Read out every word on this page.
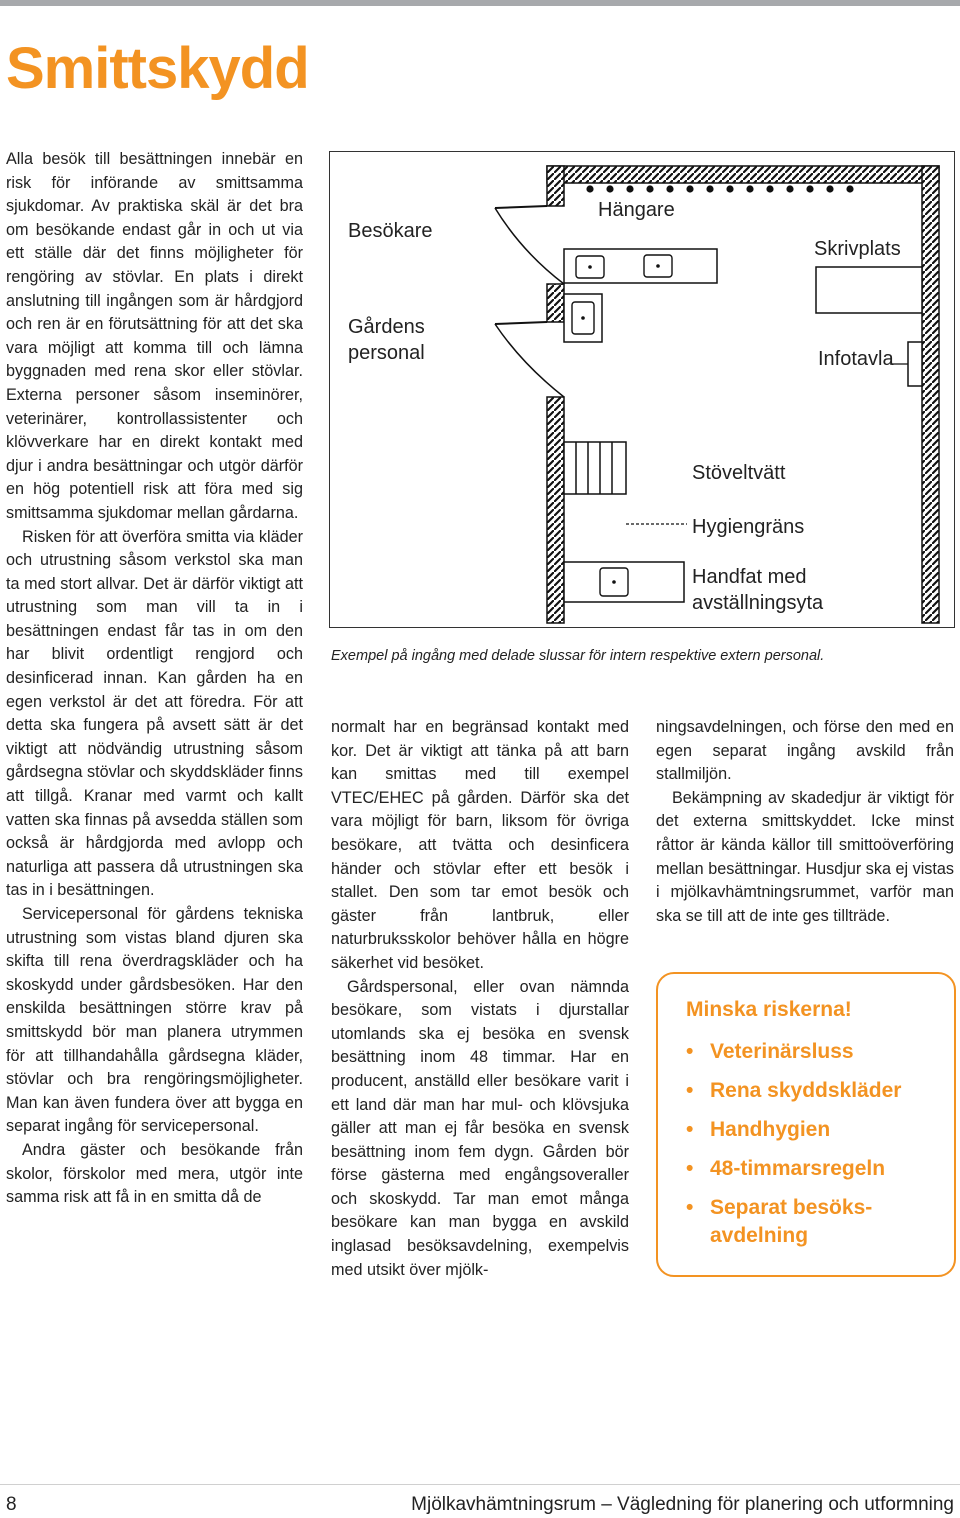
Smittskydd

Alla besök till besättningen innebär en risk för införande av smittsamma sjukdomar. Av praktiska skäl är det bra om besökande endast går in och ut via ett ställe där det finns möjligheter för rengöring av stövlar. En plats i direkt anslutning till ingången som är hårdgjord och ren är en förutsättning för att det ska vara möjligt att komma till och lämna byggnaden med rena skor eller stövlar. Externa personer såsom inseminörer, veterinärer, kontrollassistenter och klövverkare har en direkt kontakt med djur i andra besättningar och utgör därför en hög potentiell risk att föra med sig smittsamma sjukdomar mellan gårdarna.

Risken för att överföra smitta via kläder och utrustning såsom verkstol ska man ta med stort allvar. Det är därför viktigt att utrustning som man vill ta in i besättningen endast får tas in om den har blivit ordentligt rengjord och desinficerad innan. Kan gården ha en egen verkstol är det att föredra. För att detta ska fungera på avsett sätt är det viktigt att nödvändig utrustning såsom gårdsegna stövlar och skyddskläder finns att tillgå. Kranar med varmt och kallt vatten ska finnas på avsedda ställen som också är hårdgjorda med avlopp och naturliga att passera då utrustningen ska tas in i besättningen.

Servicepersonal för gårdens tekniska utrustning som vistas bland djuren ska skifta till rena överdragskläder och ha skoskydd under gårdsbesöken. Har den enskilda besättningen större krav på smittskydd bör man planera utrymmen för att tillhandahålla gårdsegna kläder, stövlar och bra rengöringsmöjligheter. Man kan även fundera över att bygga en separat ingång för servicepersonal.

Andra gäster och besökande från skolor, förskolor med mera, utgör inte samma risk att få in en smitta då de

Besökare
Gårdens
personal
Hängare
Skrivplats
Infotavla
Stöveltvätt
Hygiengräns
Handfat med
avställningsyta
Exempel på ingång med delade slussar för intern respektive extern personal.

normalt har en begränsad kontakt med kor. Det är viktigt att tänka på att barn kan smittas med till exempel VTEC/EHEC på gården. Därför ska det vara möjligt för barn, liksom för övriga besökare, att tvätta och desinficera händer och stövlar efter ett besök i stallet. Den som tar emot besök och gäster från lantbruk, eller naturbruksskolor behöver hålla en högre säkerhet vid besöket.

Gårdspersonal, eller ovan nämnda besökare, som vistats i djurstallar utomlands ska ej besöka en svensk besättning inom 48 timmar. Har en producent, anställd eller besökare varit i ett land där man har mul- och klövsjuka gäller att man ej får besöka en svensk besättning inom fem dygn. Gården bör förse gästerna med engångsoveraller och skoskydd. Tar man emot många besökare kan man bygga en avskild inglasad besöksavdelning, exempelvis med utsikt över mjölk-

ningsavdelningen, och förse den med en egen separat ingång avskild från stallmiljön.

Bekämpning av skadedjur är viktigt för det externa smittskyddet. Icke minst råttor är kända källor till smittoöverföring mellan besättningar. Husdjur ska ej vistas i mjölkavhämtningsrummet, varför man ska se till att de inte ges tillträde.

Minska riskerna!
• Veterinärsluss
• Rena skyddskläder
• Handhygien
• 48-timmarsregeln
• Separat besöks-avdelning
8	Mjölkavhämtningsrum – Vägledning för planering och utformning
